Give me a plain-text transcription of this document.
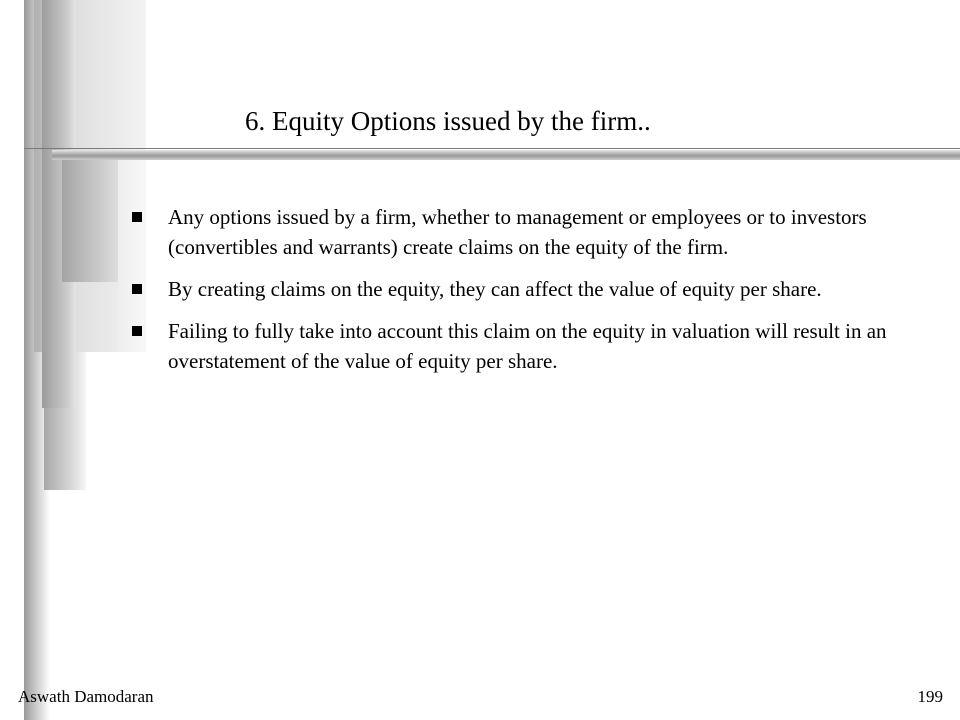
6. Equity Options issued by the firm..
Any options issued by a firm, whether to management or employees or to investors (convertibles and warrants) create claims on the equity of the firm.
By creating claims on the equity, they can affect the value of equity per share.
Failing to fully take into account this claim on the equity in valuation will result in an overstatement of the value of equity per share.
Aswath Damodaran	199
